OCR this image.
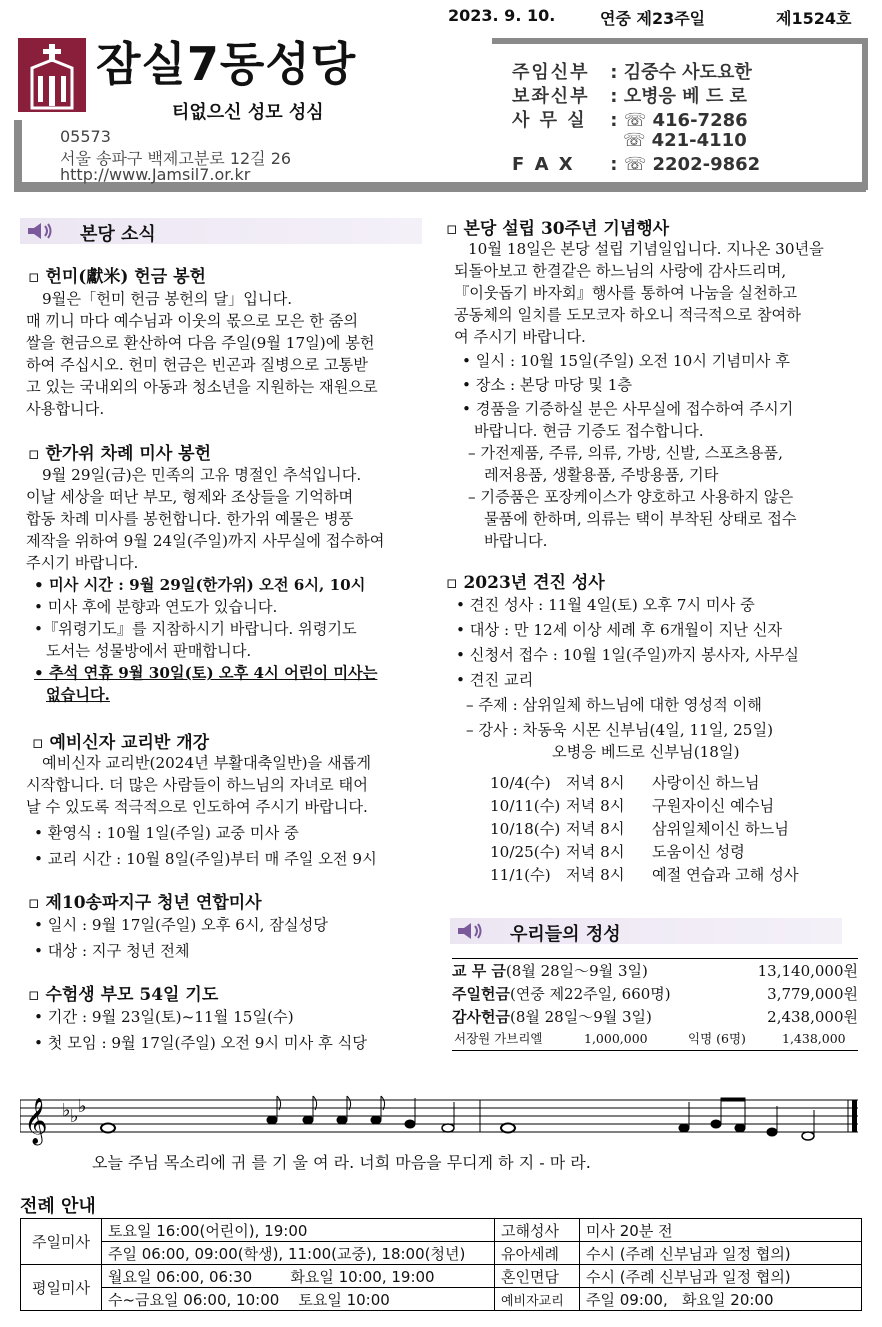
2023. 9. 10.	연중 제23주일	제1524호
잠실7동성당
티없으신 성모 성심
05573
서울 송파구 백제고분로 12길 26
http://www.Jamsil7.or.kr
주임신부 : 김중수 사도요한
보좌신부 : 오병응 베 드 로
사 무 실 : ☏ 416-7286
☏ 421-4110
F A X : ☏ 2202-9862
본당 소식
▫ 헌미(獻米) 헌금 봉헌
9월은「헌미 헌금 봉헌의 달」입니다.
매 끼니 마다 예수님과 이웃의 몫으로 모은 한 줌의
쌀을 현금으로 환산하여 다음 주일(9월 17일)에 봉헌
하여 주십시오. 헌미 헌금은 빈곤과 질병으로 고통받
고 있는 국내외의 아동과 청소년을 지원하는 재원으로
사용합니다.
▫ 한가위 차례 미사 봉헌
9월 29일(금)은 민족의 고유 명절인 추석입니다.
이날 세상을 떠난 부모, 형제와 조상들을 기억하며
합동 차례 미사를 봉헌합니다. 한가위 예물은 병풍
제작을 위하여 9월 24일(주일)까지 사무실에 접수하여
주시기 바랍니다.
• 미사 시간 : 9월 29일(한가위) 오전 6시, 10시
• 미사 후에 분향과 연도가 있습니다.
•『위령기도』를 지참하시기 바랍니다. 위령기도
도서는 성물방에서 판매합니다.
• 추석 연휴 9월 30일(토) 오후 4시 어린이 미사는
없습니다.
▫ 예비신자 교리반 개강
예비신자 교리반(2024년 부활대축일반)을 새롭게
시작합니다. 더 많은 사람들이 하느님의 자녀로 태어
날 수 있도록 적극적으로 인도하여 주시기 바랍니다.
• 환영식 : 10월 1일(주일) 교중 미사 중
• 교리 시간 : 10월 8일(주일)부터 매 주일 오전 9시
▫ 제10송파지구 청년 연합미사
• 일시 : 9월 17일(주일) 오후 6시, 잠실성당
• 대상 : 지구 청년 전체
▫ 수험생 부모 54일 기도
• 기간 : 9월 23일(토)~11월 15일(수)
• 첫 모임 : 9월 17일(주일) 오전 9시 미사 후 식당
▫ 본당 설립 30주년 기념행사
10월 18일은 본당 설립 기념일입니다. 지나온 30년을
되돌아보고 한결같은 하느님의 사랑에 감사드리며,
『이웃돕기 바자회』행사를 통하여 나눔을 실천하고
공동체의 일치를 도모코자 하오니 적극적으로 참여하
여 주시기 바랍니다.
• 일시 : 10월 15일(주일) 오전 10시 기념미사 후
• 장소 : 본당 마당 및 1층
• 경품을 기증하실 분은 사무실에 접수하여 주시기
바랍니다. 현금 기증도 접수합니다.
– 가전제품, 주류, 의류, 가방, 신발, 스포츠용품,
레저용품, 생활용품, 주방용품, 기타
– 기증품은 포장케이스가 양호하고 사용하지 않은
물품에 한하며, 의류는 택이 부착된 상태로 접수
바랍니다.
▫ 2023년 견진 성사
• 견진 성사 : 11월 4일(토) 오후 7시 미사 중
• 대상 : 만 12세 이상 세례 후 6개월이 지난 신자
• 신청서 접수 : 10월 1일(주일)까지 봉사자, 사무실
• 견진 교리
– 주제 : 삼위일체 하느님에 대한 영성적 이해
– 강사 : 차동욱 시몬 신부님(4일, 11일, 25일)
오병응 베드로 신부님(18일)
10/4(수) 저녁 8시 사랑이신 하느님
10/11(수) 저녁 8시 구원자이신 예수님
10/18(수) 저녁 8시 삼위일체이신 하느님
10/25(수) 저녁 8시 도움이신 성령
11/1(수) 저녁 8시 예절 연습과 고해 성사
우리들의 정성
교 무 금(8월 28일～9월 3일)	13,140,000원
주일헌금(연중 제22주일, 660명)	3,779,000원
감사헌금(8월 28일～9월 3일)	2,438,000원
서장원 가브리엘	1,000,000	익명 (6명)	1,438,000
𝄞 ♭ ♭ ♭
오늘 주님 목소리에 귀 를 기 울 여 라. 너희 마음을 무디게 하 지 - 마 라.
전례 안내
주일미사	토요일 16:00(어린이), 19:00	고해성사	미사 20분 전
	주일 06:00, 09:00(학생), 11:00(교중), 18:00(청년)	유아세례	수시 (주례 신부님과 일정 협의)
평일미사	월요일 06:00, 06:30        화요일 10:00, 19:00	혼인면담	수시 (주례 신부님과 일정 협의)
	수~금요일 06:00, 10:00    토요일 10:00	예비자교리	주일 09:00,   화요일 20:00
